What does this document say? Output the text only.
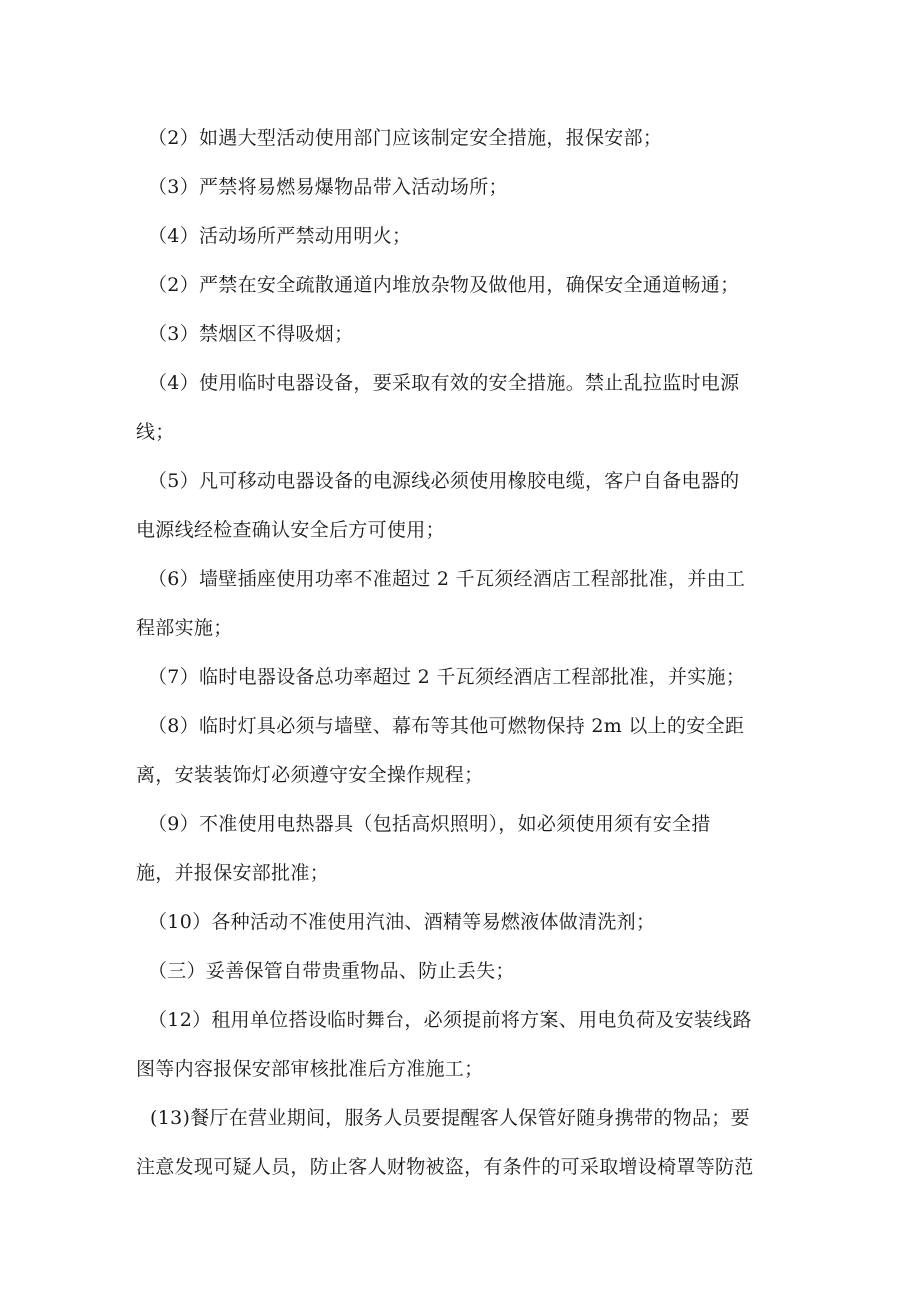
（2）如遇大型活动使用部门应该制定安全措施，报保安部；
（3）严禁将易燃易爆物品带入活动场所；
（4）活动场所严禁动用明火；
（2）严禁在安全疏散通道内堆放杂物及做他用，确保安全通道畅通；
（3）禁烟区不得吸烟；
（4）使用临时电器设备，要采取有效的安全措施。禁止乱拉监时电源
线；
（5）凡可移动电器设备的电源线必须使用橡胶电缆，客户自备电器的
电源线经检查确认安全后方可使用；
（6）墙壁插座使用功率不准超过 2 千瓦须经酒店工程部批准，并由工
程部实施；
（7）临时电器设备总功率超过 2 千瓦须经酒店工程部批准，并实施；
（8）临时灯具必须与墙壁、幕布等其他可燃物保持 2m 以上的安全距
离，安装装饰灯必须遵守安全操作规程；
（9）不准使用电热器具（包括高炽照明），如必须使用须有安全措
施，并报保安部批准；
（10）各种活动不准使用汽油、酒精等易燃液体做清洗剂；
（三）妥善保管自带贵重物品、防止丢失；
（12）租用单位搭设临时舞台，必须提前将方案、用电负荷及安装线路
图等内容报保安部审核批准后方准施工；
(13)餐厅在营业期间，服务人员要提醒客人保管好随身携带的物品；要
注意发现可疑人员，防止客人财物被盗，有条件的可采取增设椅罩等防范
